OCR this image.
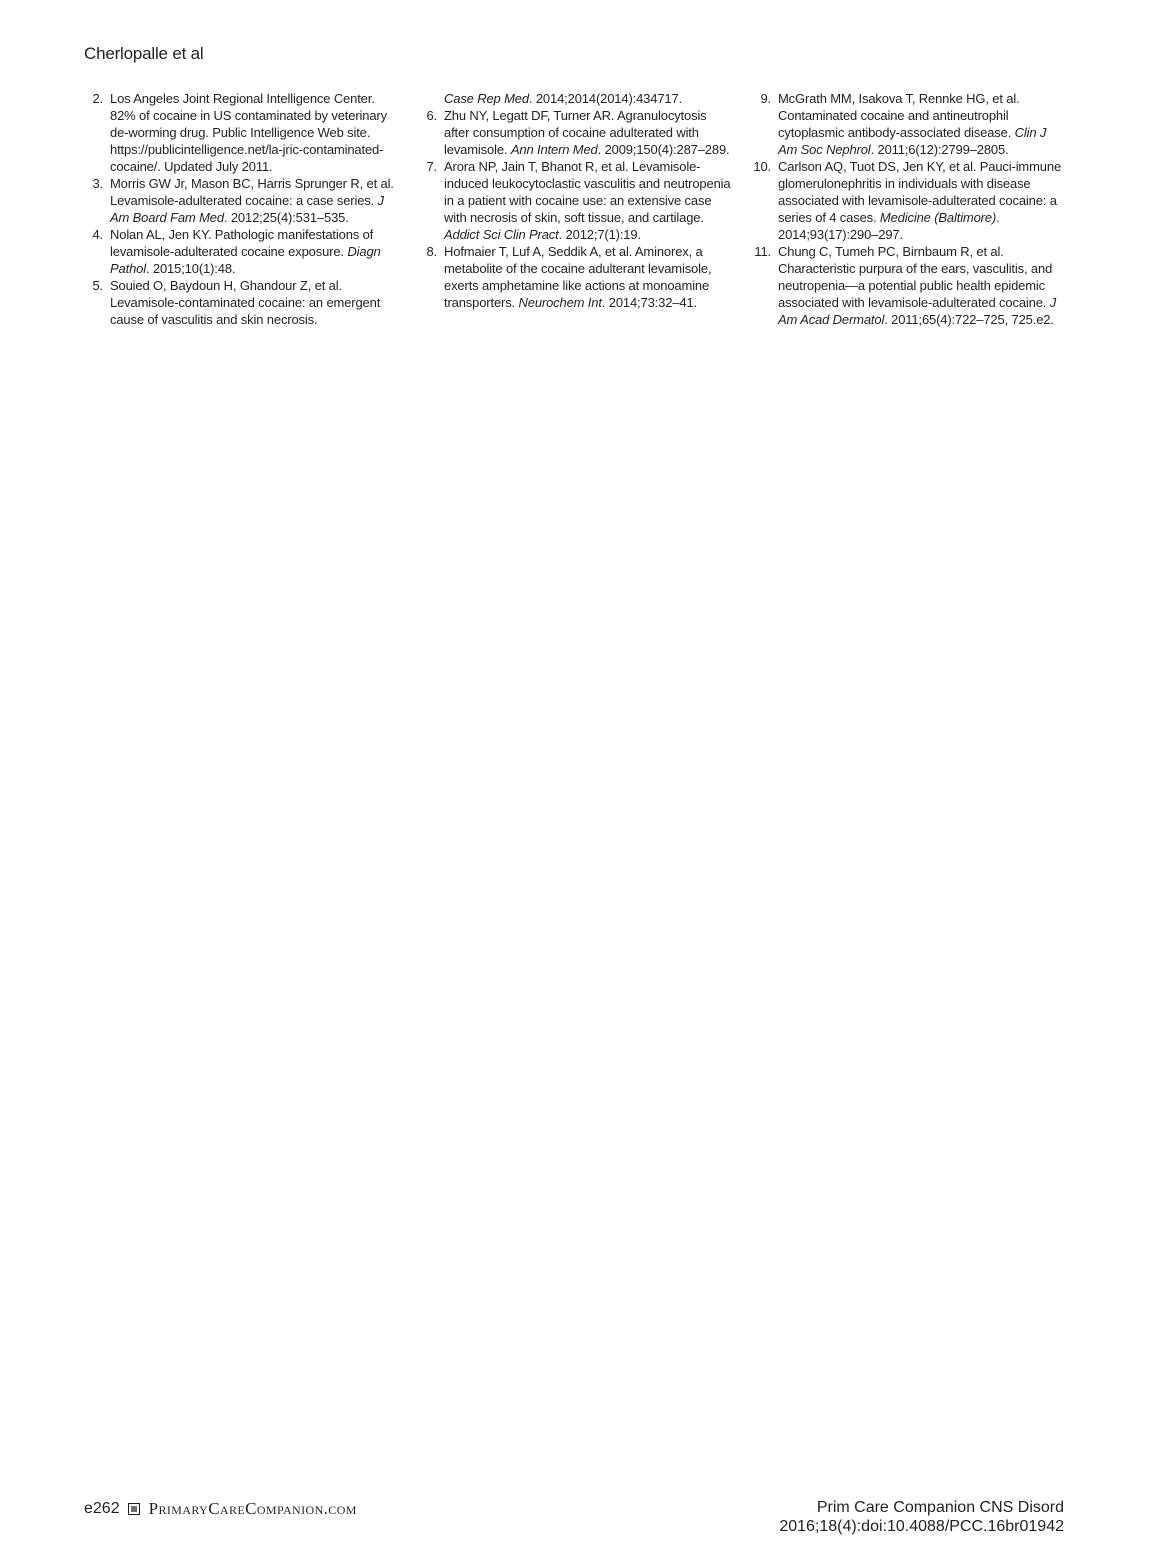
Cherlopalle et al

2. Los Angeles Joint Regional Intelligence Center. 82% of cocaine in US contaminated by veterinary de-worming drug. Public Intelligence Web site. https://publicintelligence.net/la-jric-contaminated-cocaine/. Updated July 2011.

3. Morris GW Jr, Mason BC, Harris Sprunger R, et al. Levamisole-adulterated cocaine: a case series. J Am Board Fam Med. 2012;25(4):531–535.

4. Nolan AL, Jen KY. Pathologic manifestations of levamisole-adulterated cocaine exposure. Diagn Pathol. 2015;10(1):48.

5. Souied O, Baydoun H, Ghandour Z, et al. Levamisole-contaminated cocaine: an emergent cause of vasculitis and skin necrosis.

Case Rep Med. 2014;2014(2014):434717.

6. Zhu NY, Legatt DF, Turner AR. Agranulocytosis after consumption of cocaine adulterated with levamisole. Ann Intern Med. 2009;150(4):287–289.

7. Arora NP, Jain T, Bhanot R, et al. Levamisole-induced leukocytoclastic vasculitis and neutropenia in a patient with cocaine use: an extensive case with necrosis of skin, soft tissue, and cartilage. Addict Sci Clin Pract. 2012;7(1):19.

8. Hofmaier T, Luf A, Seddik A, et al. Aminorex, a metabolite of the cocaine adulterant levamisole, exerts amphetamine like actions at monoamine transporters. Neurochem Int. 2014;73:32–41.

9. McGrath MM, Isakova T, Rennke HG, et al. Contaminated cocaine and antineutrophil cytoplasmic antibody-associated disease. Clin J Am Soc Nephrol. 2011;6(12):2799–2805.

10. Carlson AQ, Tuot DS, Jen KY, et al. Pauci-immune glomerulonephritis in individuals with disease associated with levamisole-adulterated cocaine: a series of 4 cases. Medicine (Baltimore). 2014;93(17):290–297.

11. Chung C, Tumeh PC, Birnbaum R, et al. Characteristic purpura of the ears, vasculitis, and neutropenia—a potential public health epidemic associated with levamisole-adulterated cocaine. J Am Acad Dermatol. 2011;65(4):722–725, 725.e2.

e262 PrimaryCareCompanion.com	Prim Care Companion CNS Disord
2016;18(4):doi:10.4088/PCC.16br01942
